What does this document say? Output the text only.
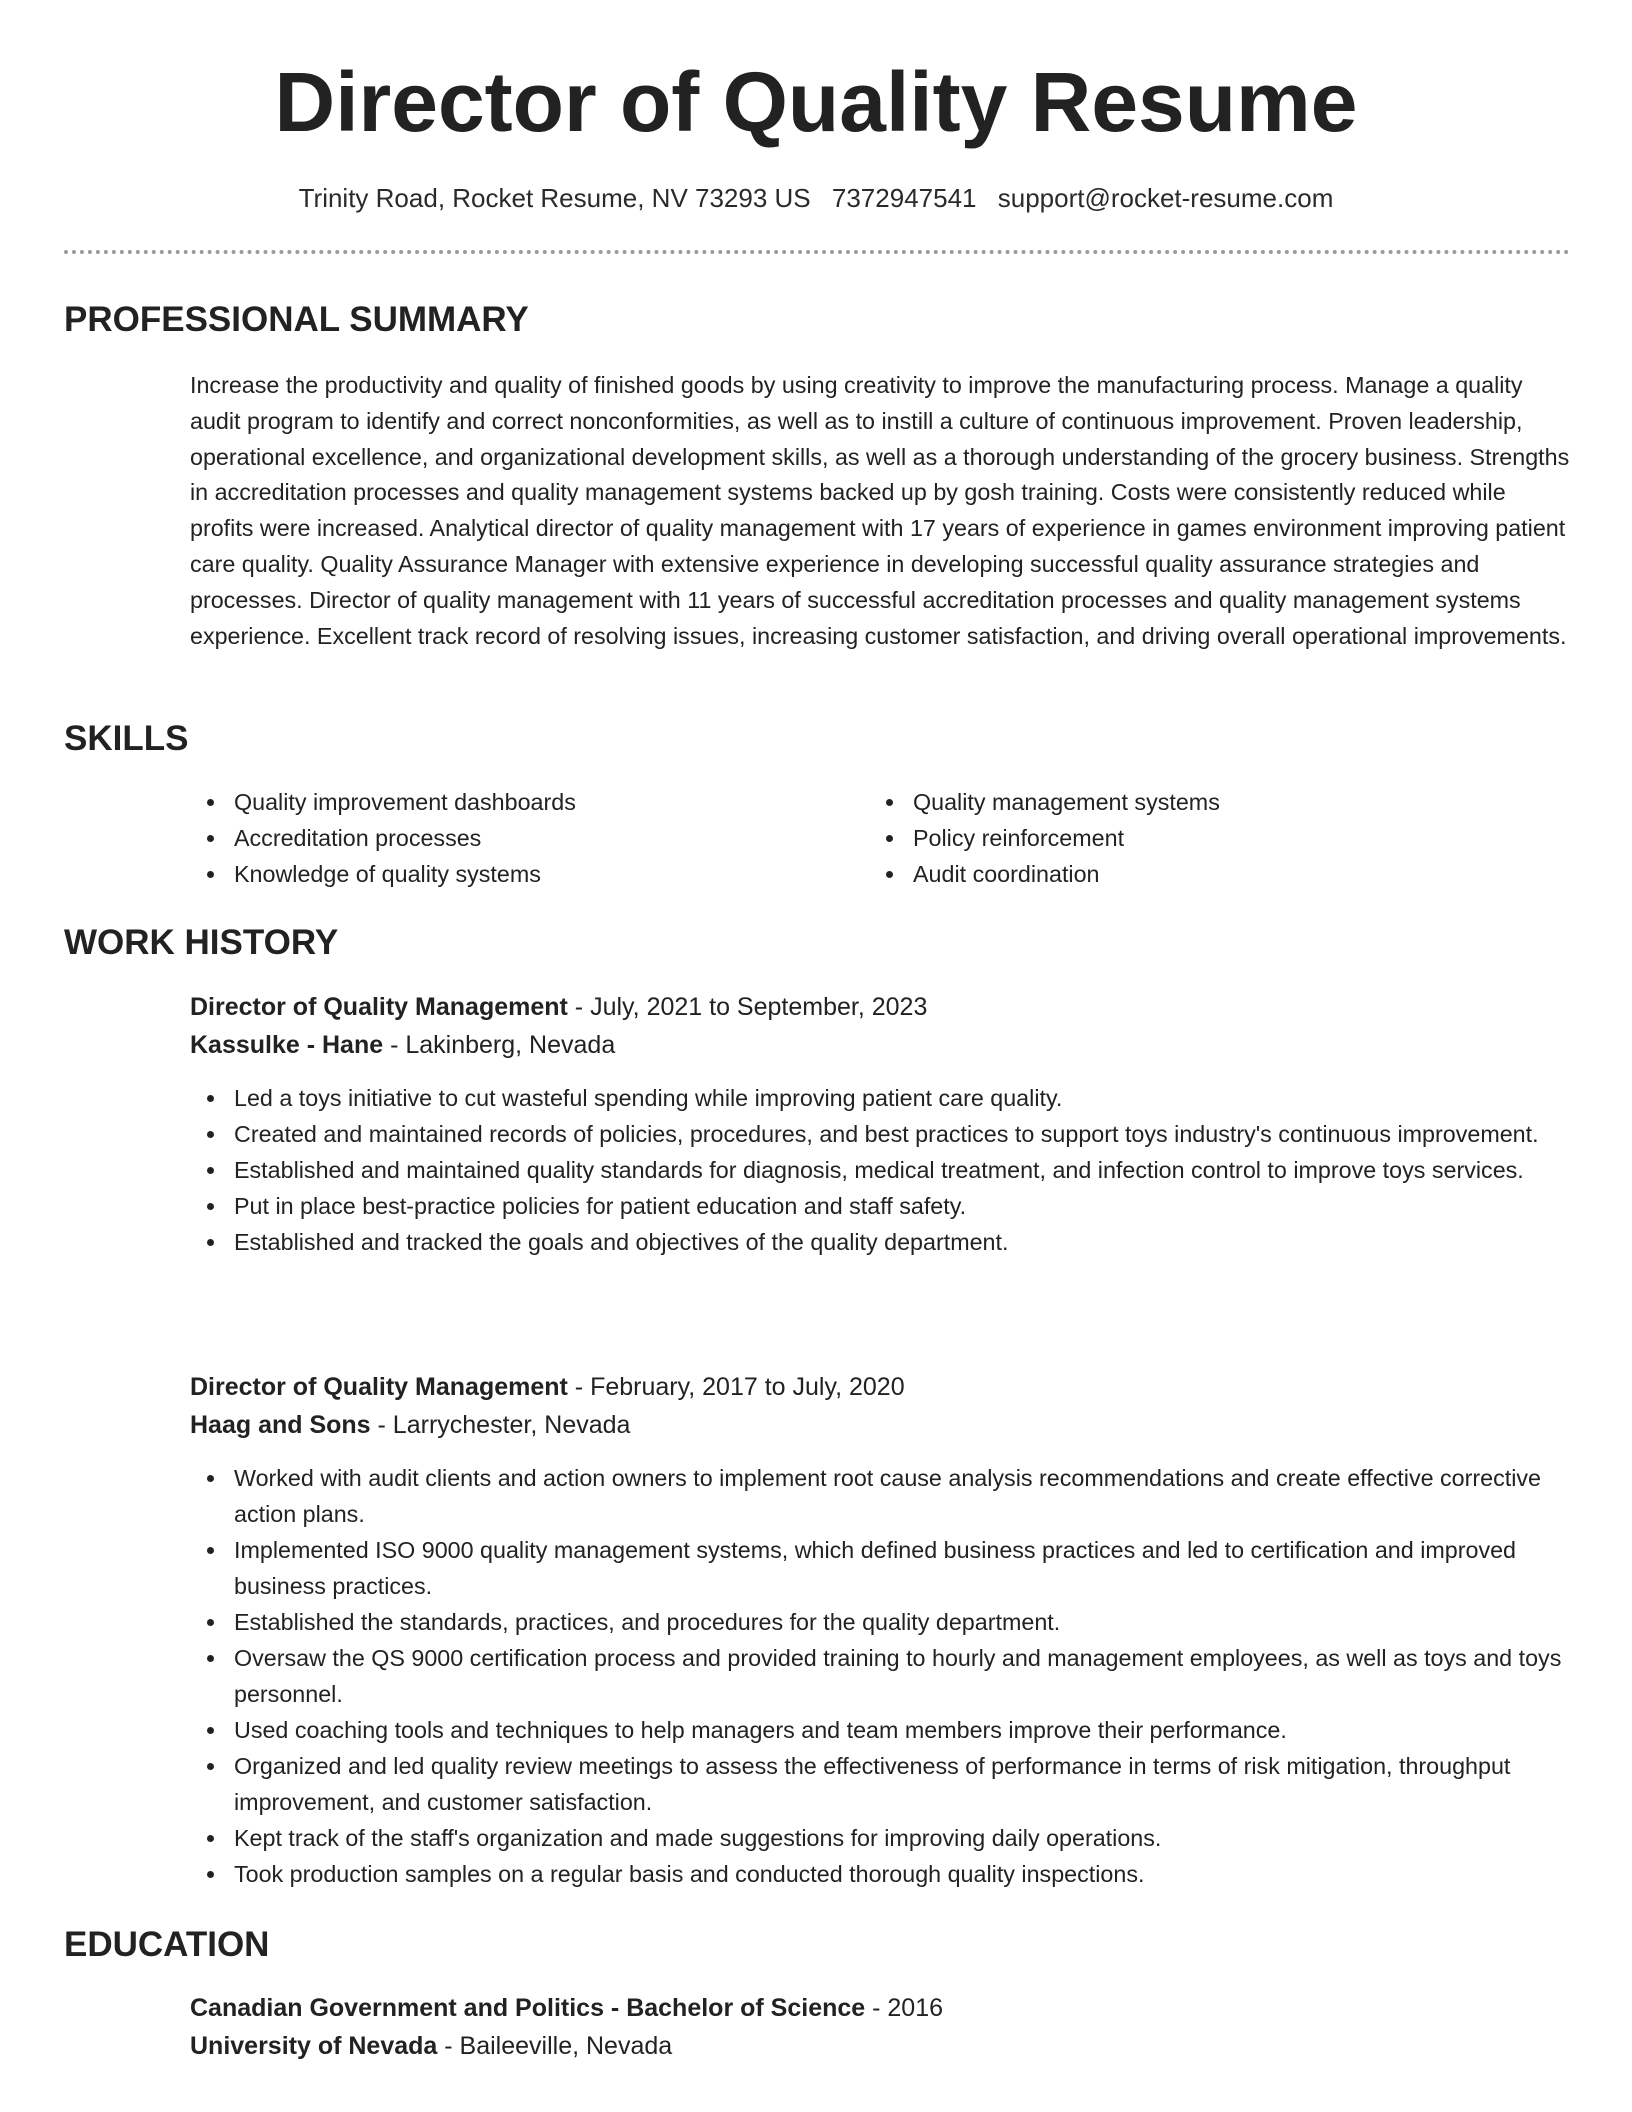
Director of Quality Resume
Trinity Road, Rocket Resume, NV 73293 US 7372947541 support@rocket-resume.com
PROFESSIONAL SUMMARY

Increase the productivity and quality of finished goods by using creativity to improve the manufacturing process. Manage a quality audit program to identify and correct nonconformities, as well as to instill a culture of continuous improvement. Proven leadership, operational excellence, and organizational development skills, as well as a thorough understanding of the grocery business. Strengths in accreditation processes and quality management systems backed up by gosh training. Costs were consistently reduced while profits were increased. Analytical director of quality management with 17 years of experience in games environment improving patient care quality. Quality Assurance Manager with extensive experience in developing successful quality assurance strategies and processes. Director of quality management with 11 years of successful accreditation processes and quality management systems experience. Excellent track record of resolving issues, increasing customer satisfaction, and driving overall operational improvements.

SKILLS
Quality improvement dashboards
Accreditation processes
Knowledge of quality systems
Quality management systems
Policy reinforcement
Audit coordination
WORK HISTORY
Director of Quality Management - July, 2021 to September, 2023
Kassulke - Hane - Lakinberg, Nevada
Led a toys initiative to cut wasteful spending while improving patient care quality.
Created and maintained records of policies, procedures, and best practices to support toys industry's continuous improvement.
Established and maintained quality standards for diagnosis, medical treatment, and infection control to improve toys services.
Put in place best-practice policies for patient education and staff safety.
Established and tracked the goals and objectives of the quality department.
Director of Quality Management - February, 2017 to July, 2020
Haag and Sons - Larrychester, Nevada
Worked with audit clients and action owners to implement root cause analysis recommendations and create effective corrective action plans.
Implemented ISO 9000 quality management systems, which defined business practices and led to certification and improved business practices.
Established the standards, practices, and procedures for the quality department.
Oversaw the QS 9000 certification process and provided training to hourly and management employees, as well as toys and toys personnel.
Used coaching tools and techniques to help managers and team members improve their performance.
Organized and led quality review meetings to assess the effectiveness of performance in terms of risk mitigation, throughput improvement, and customer satisfaction.
Kept track of the staff's organization and made suggestions for improving daily operations.
Took production samples on a regular basis and conducted thorough quality inspections.
EDUCATION
Canadian Government and Politics - Bachelor of Science - 2016
University of Nevada - Baileeville, Nevada
